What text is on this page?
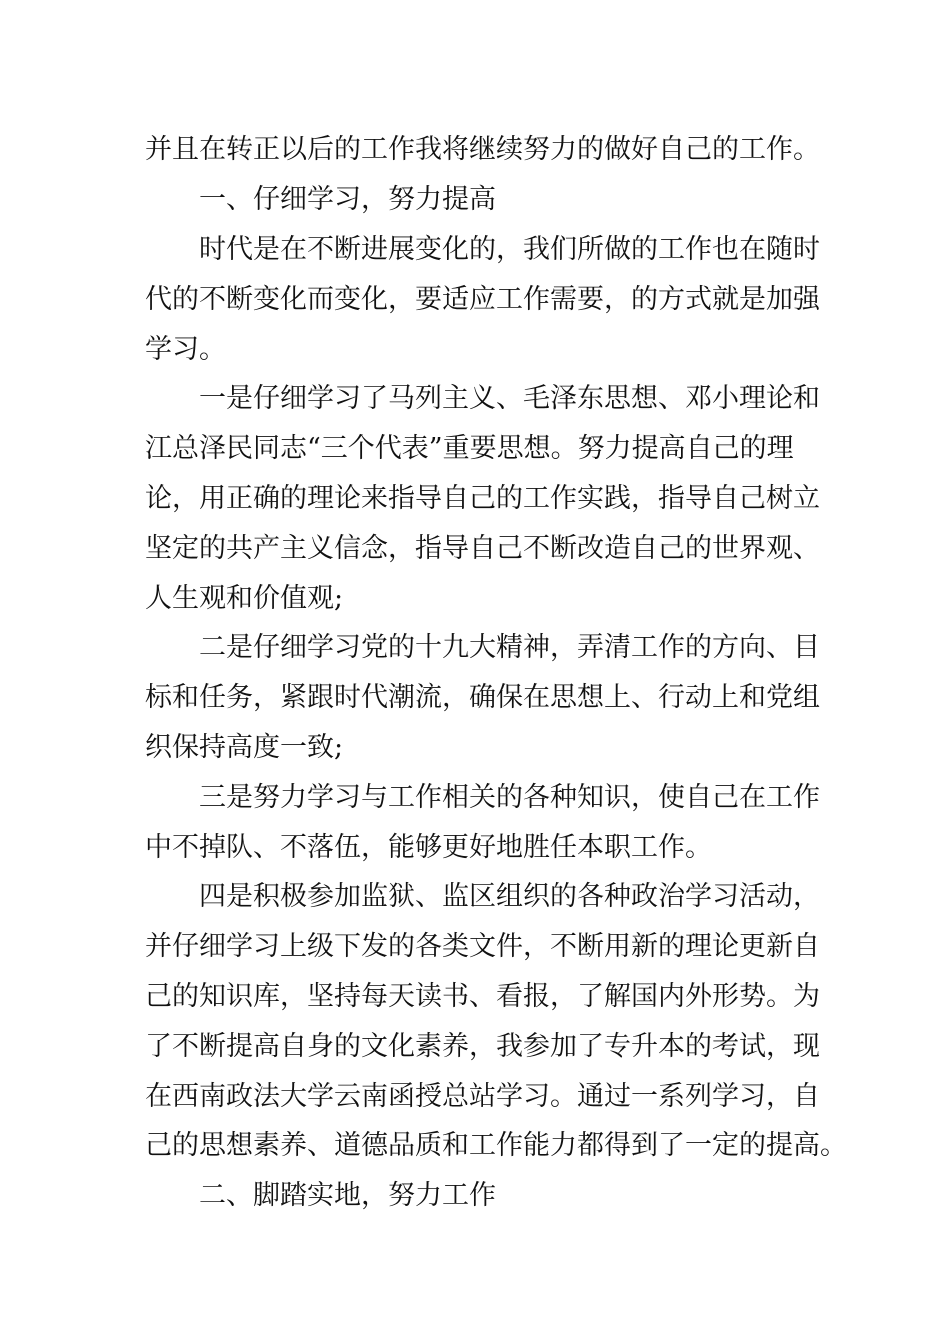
并且在转正以后的工作我将继续努力的做好自己的工作。
一、仔细学习，努力提高
时代是在不断进展变化的，我们所做的工作也在随时
代的不断变化而变化，要适应工作需要，的方式就是加强
学习。
一是仔细学习了马列主义、毛泽东思想、邓小理论和
江总泽民同志“三个代表”重要思想。努力提高自己的理
论，用正确的理论来指导自己的工作实践，指导自己树立
坚定的共产主义信念，指导自己不断改造自己的世界观、
人生观和价值观;
二是仔细学习党的十九大精神，弄清工作的方向、目
标和任务，紧跟时代潮流，确保在思想上、行动上和党组
织保持高度一致;
三是努力学习与工作相关的各种知识，使自己在工作
中不掉队、不落伍，能够更好地胜任本职工作。
四是积极参加监狱、监区组织的各种政治学习活动，
并仔细学习上级下发的各类文件，不断用新的理论更新自
己的知识库，坚持每天读书、看报，了解国内外形势。为
了不断提高自身的文化素养，我参加了专升本的考试，现
在西南政法大学云南函授总站学习。通过一系列学习，自
己的思想素养、道德品质和工作能力都得到了一定的提高。
二、脚踏实地，努力工作
